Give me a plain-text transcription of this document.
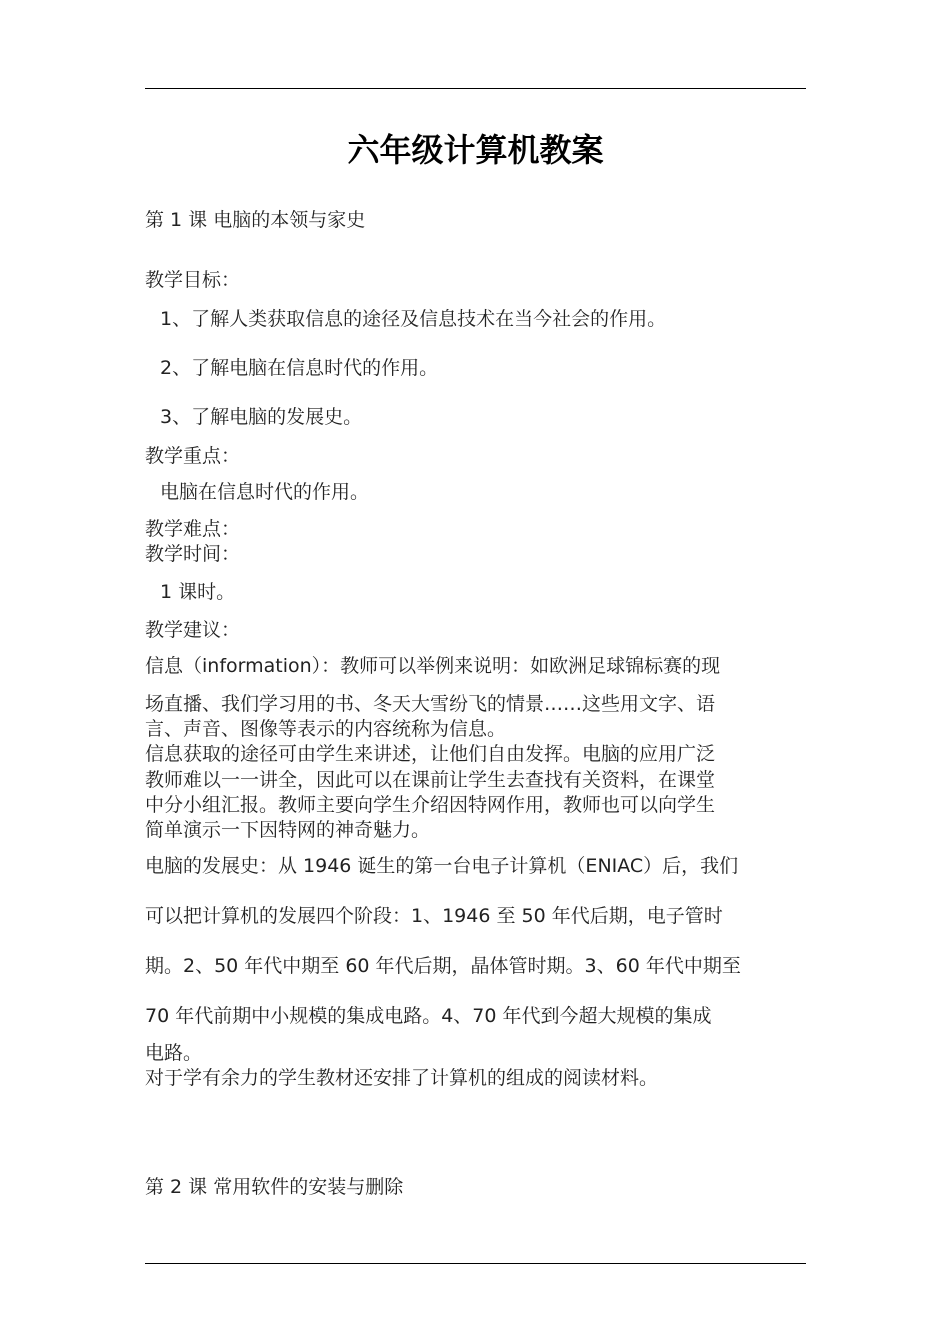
六年级计算机教案
第 1 课 电脑的本领与家史
教学目标：
1、了解人类获取信息的途径及信息技术在当今社会的作用。
2、了解电脑在信息时代的作用。
3、了解电脑的发展史。
教学重点：
电脑在信息时代的作用。
教学难点：
教学时间：
1 课时。
教学建议：
信息（information）：教师可以举例来说明：如欧洲足球锦标赛的现
场直播、我们学习用的书、冬天大雪纷飞的情景……这些用文字、语
言、声音、图像等表示的内容统称为信息。
信息获取的途径可由学生来讲述，让他们自由发挥。电脑的应用广泛
教师难以一一讲全，因此可以在课前让学生去查找有关资料，在课堂
中分小组汇报。教师主要向学生介绍因特网作用，教师也可以向学生
简单演示一下因特网的神奇魅力。
电脑的发展史：从 1946 诞生的第一台电子计算机（ENIAC）后，我们
可以把计算机的发展四个阶段：1、1946 至 50 年代后期，电子管时
期。2、50 年代中期至 60 年代后期，晶体管时期。3、60 年代中期至
70 年代前期中小规模的集成电路。4、70 年代到今超大规模的集成
电路。
对于学有余力的学生教材还安排了计算机的组成的阅读材料。
第 2 课 常用软件的安装与删除
